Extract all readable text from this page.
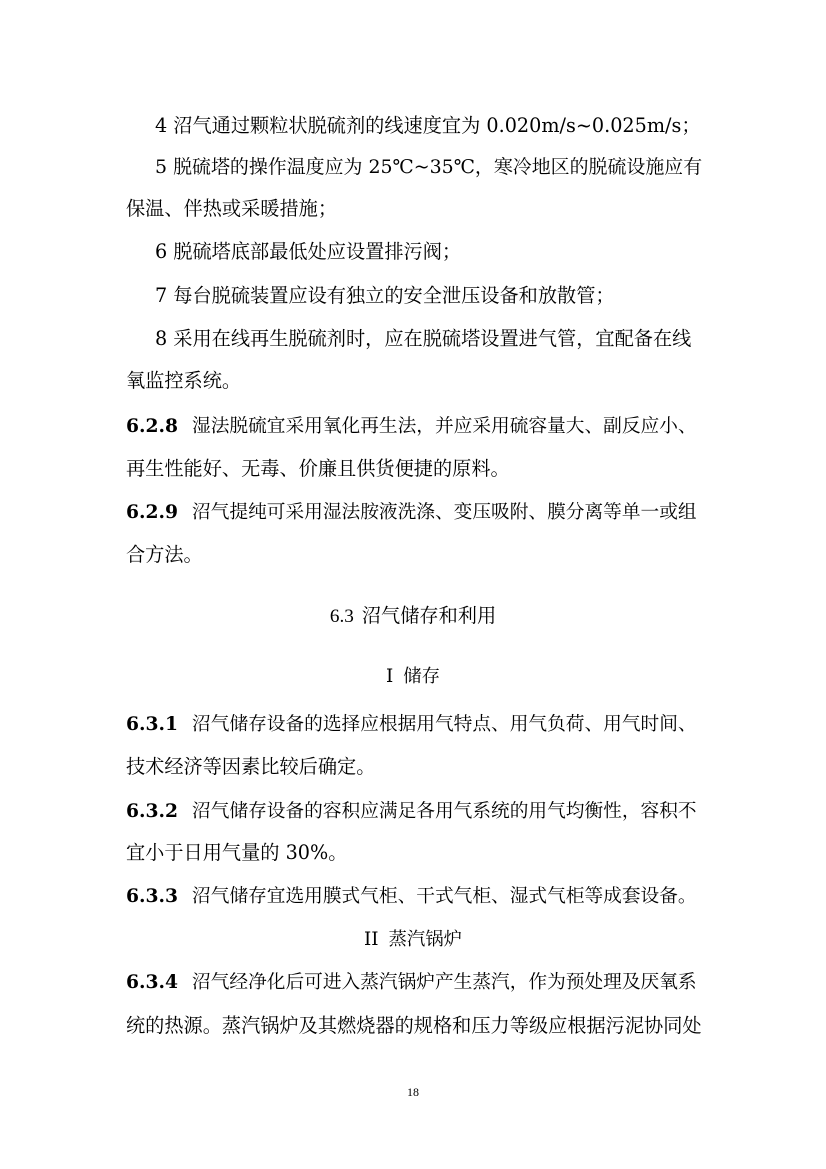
4 沼气通过颗粒状脱硫剂的线速度宜为 0.020m/s~0.025m/s；
5 脱硫塔的操作温度应为 25℃~35℃，寒冷地区的脱硫设施应有
保温、伴热或采暖措施；
6 脱硫塔底部最低处应设置排污阀；
7 每台脱硫装置应设有独立的安全泄压设备和放散管；
8 采用在线再生脱硫剂时，应在脱硫塔设置进气管，宜配备在线
氧监控系统。
6.2.8 湿法脱硫宜采用氧化再生法，并应采用硫容量大、副反应小、
再生性能好、无毒、价廉且供货便捷的原料。
6.2.9 沼气提纯可采用湿法胺液洗涤、变压吸附、膜分离等单一或组
合方法。
6.3 沼气储存和利用
I 储存
6.3.1 沼气储存设备的选择应根据用气特点、用气负荷、用气时间、
技术经济等因素比较后确定。
6.3.2 沼气储存设备的容积应满足各用气系统的用气均衡性，容积不
宜小于日用气量的 30%。
6.3.3 沼气储存宜选用膜式气柜、干式气柜、湿式气柜等成套设备。
II 蒸汽锅炉
6.3.4 沼气经净化后可进入蒸汽锅炉产生蒸汽，作为预处理及厌氧系
统的热源。蒸汽锅炉及其燃烧器的规格和压力等级应根据污泥协同处
18
